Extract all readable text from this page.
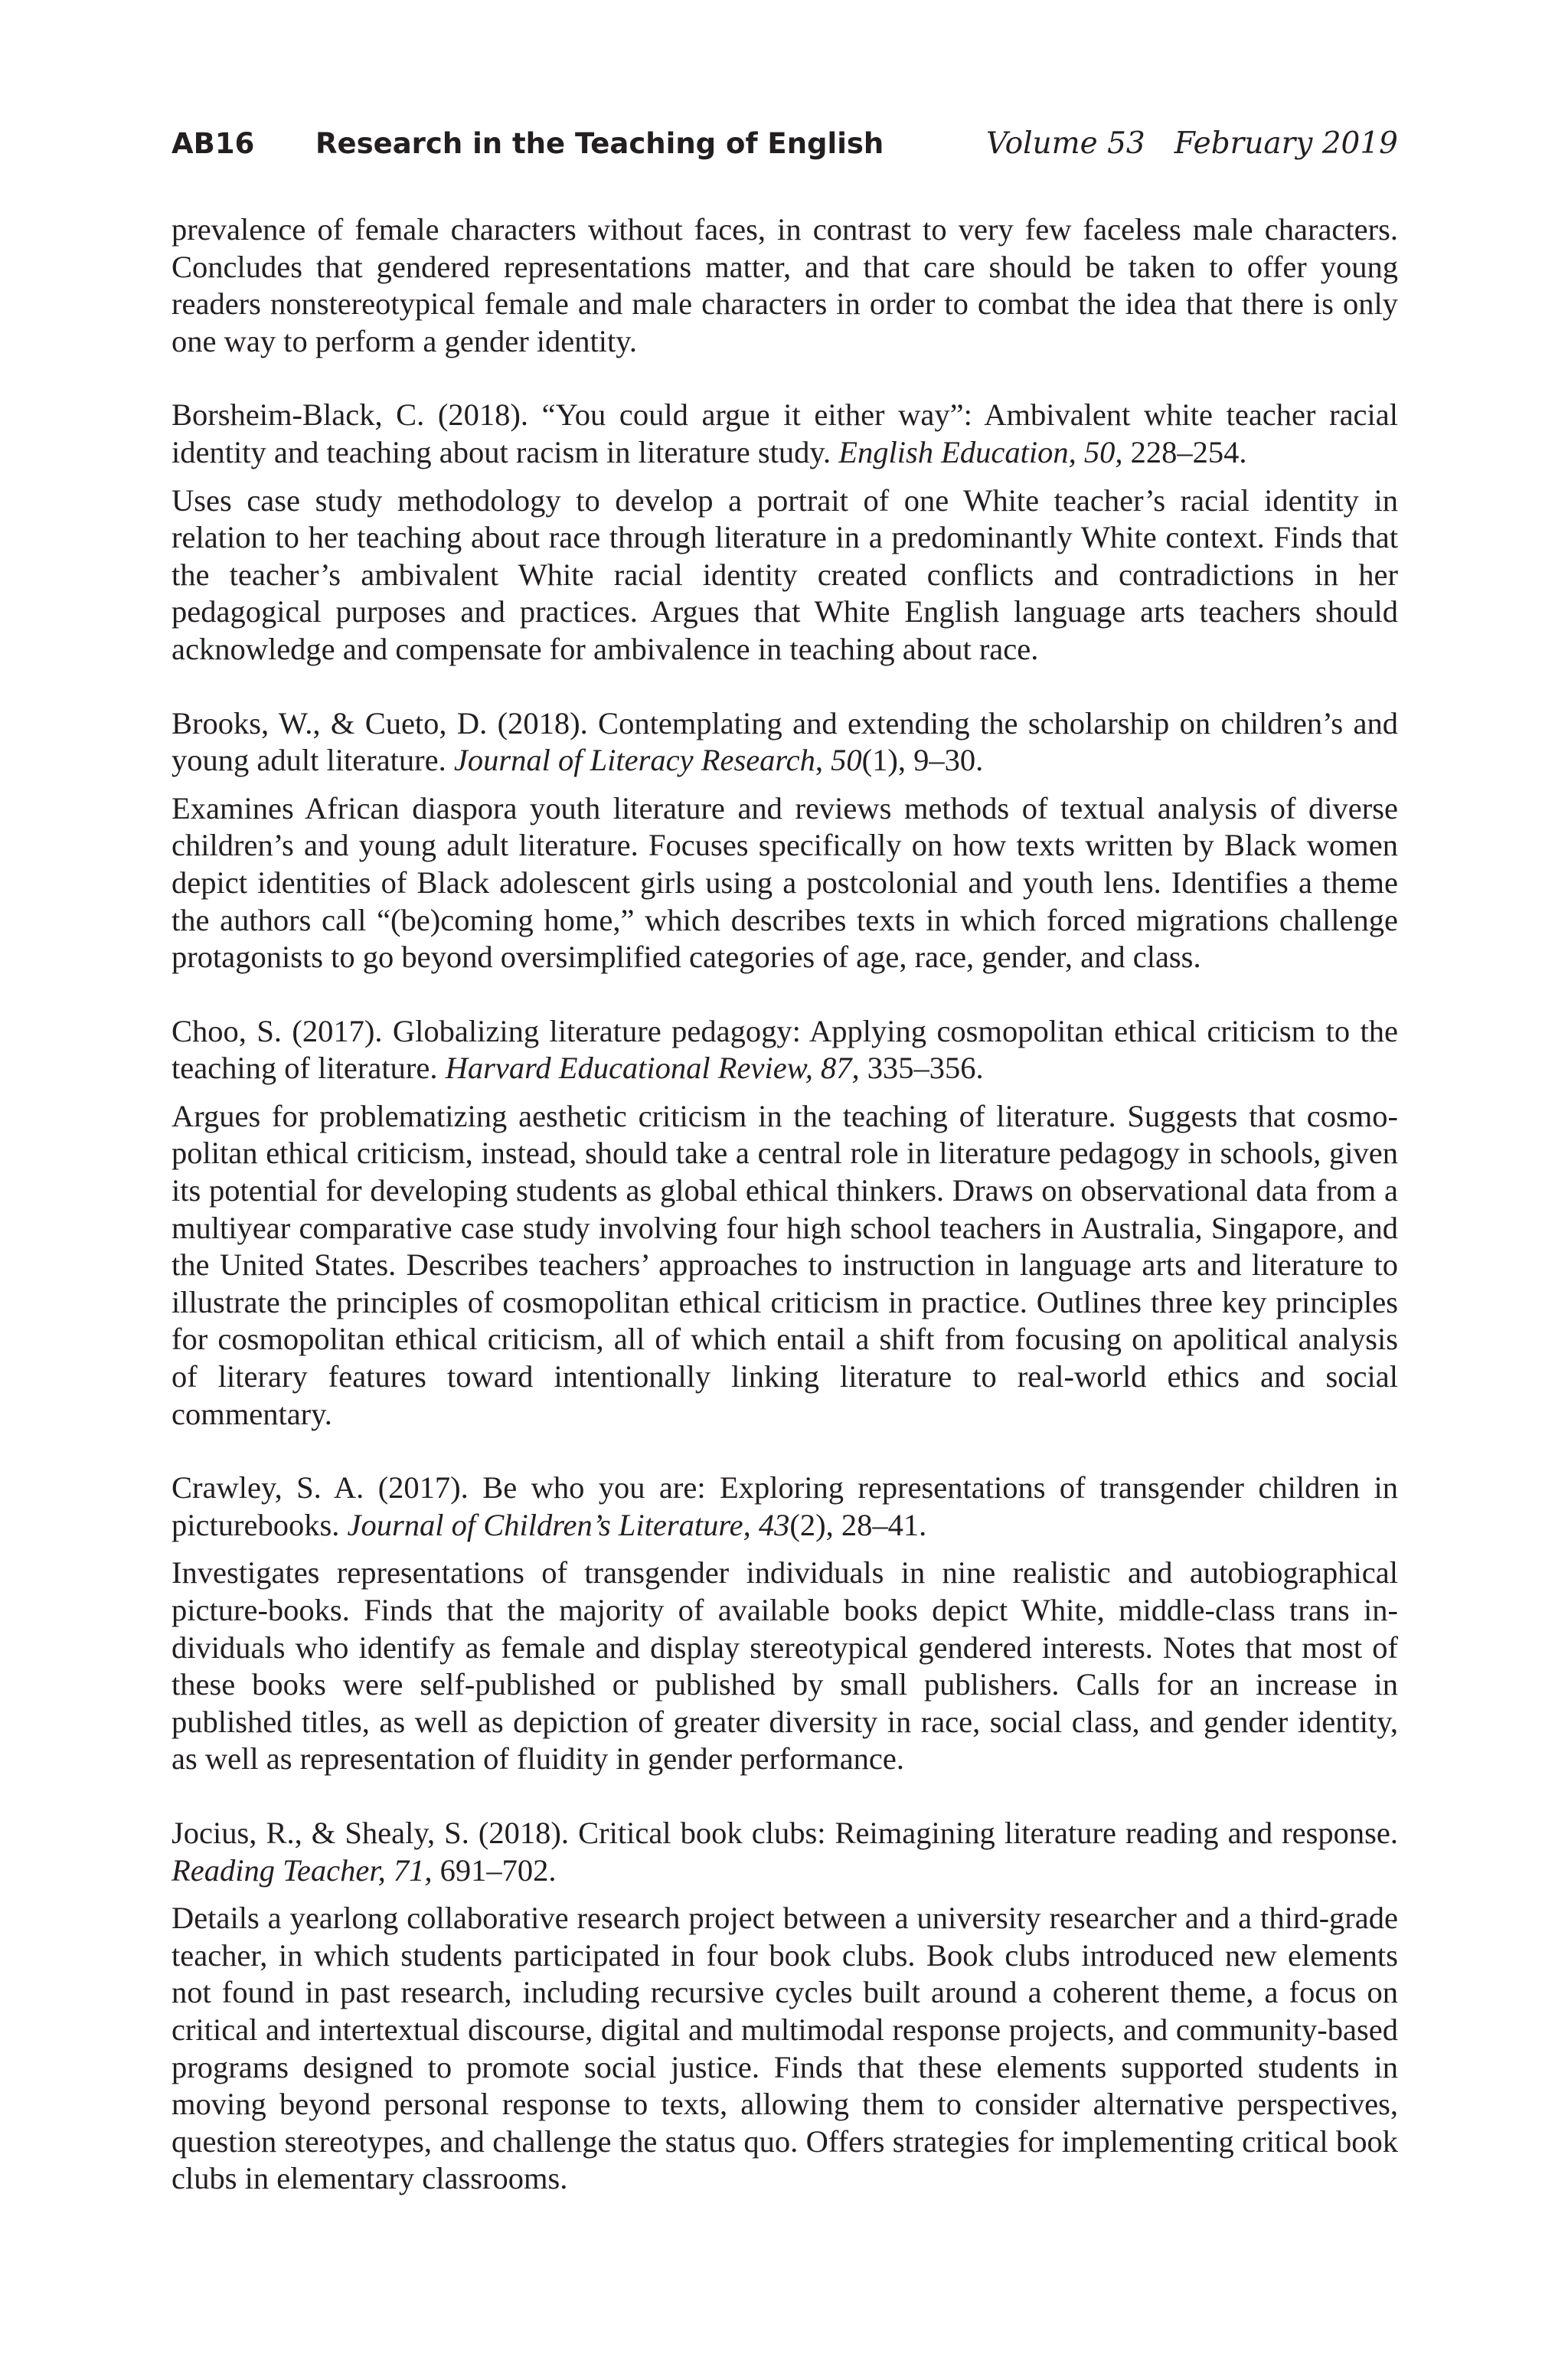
AB16 Research in the Teaching of English	Volume 53 February 2019

prevalence of female characters without faces, in contrast to very few faceless male characters. Concludes that gendered representations matter, and that care should be taken to offer young readers nonstereotypical female and male characters in order to combat the idea that there is only one way to perform a gender identity.

Borsheim-Black, C. (2018). “You could argue it either way”: Ambivalent white teacher racial identity and teaching about racism in literature study. English Education, 50, 228–254.

Uses case study methodology to develop a portrait of one White teacher’s racial identity in relation to her teaching about race through literature in a predominantly White context. Finds that the teacher’s ambivalent White racial identity created conflicts and contradictions in her pedagogical purposes and practices. Argues that White English language arts teachers should acknowledge and compensate for ambivalence in teaching about race.

Brooks, W., & Cueto, D. (2018). Contemplating and extending the scholarship on children’s and young adult literature. Journal of Literacy Research, 50(1), 9–30.

Examines African diaspora youth literature and reviews methods of textual analysis of diverse children’s and young adult literature. Focuses specifically on how texts written by Black women depict identities of Black adolescent girls using a postcolonial and youth lens. Identifies a theme the authors call “(be)coming home,” which describes texts in which forced migrations challenge protagonists to go beyond oversimplified categories of age, race, gender, and class.

Choo, S. (2017). Globalizing literature pedagogy: Applying cosmopolitan ethical criticism to the teaching of literature. Harvard Educational Review, 87, 335–356.

Argues for problematizing aesthetic criticism in the teaching of literature. Suggests that cosmo-politan ethical criticism, instead, should take a central role in literature pedagogy in schools, given its potential for developing students as global ethical thinkers. Draws on observational data from a multiyear comparative case study involving four high school teachers in Australia, Singapore, and the United States. Describes teachers’ approaches to instruction in language arts and literature to illustrate the principles of cosmopolitan ethical criticism in practice. Outlines three key principles for cosmopolitan ethical criticism, all of which entail a shift from focusing on apolitical analysis of literary features toward intentionally linking literature to real-world ethics and social commentary.

Crawley, S. A. (2017). Be who you are: Exploring representations of transgender children in picturebooks. Journal of Children’s Literature, 43(2), 28–41.

Investigates representations of transgender individuals in nine realistic and autobiographical picture-books. Finds that the majority of available books depict White, middle-class trans in-dividuals who identify as female and display stereotypical gendered interests. Notes that most of these books were self-published or published by small publishers. Calls for an increase in published titles, as well as depiction of greater diversity in race, social class, and gender identity, as well as representation of fluidity in gender performance.

Jocius, R., & Shealy, S. (2018). Critical book clubs: Reimagining literature reading and response. Reading Teacher, 71, 691–702.

Details a yearlong collaborative research project between a university researcher and a third-grade teacher, in which students participated in four book clubs. Book clubs introduced new elements not found in past research, including recursive cycles built around a coherent theme, a focus on critical and intertextual discourse, digital and multimodal response projects, and community-based programs designed to promote social justice. Finds that these elements supported students in moving beyond personal response to texts, allowing them to consider alternative perspectives, question stereotypes, and challenge the status quo. Offers strategies for implementing critical book clubs in elementary classrooms.
